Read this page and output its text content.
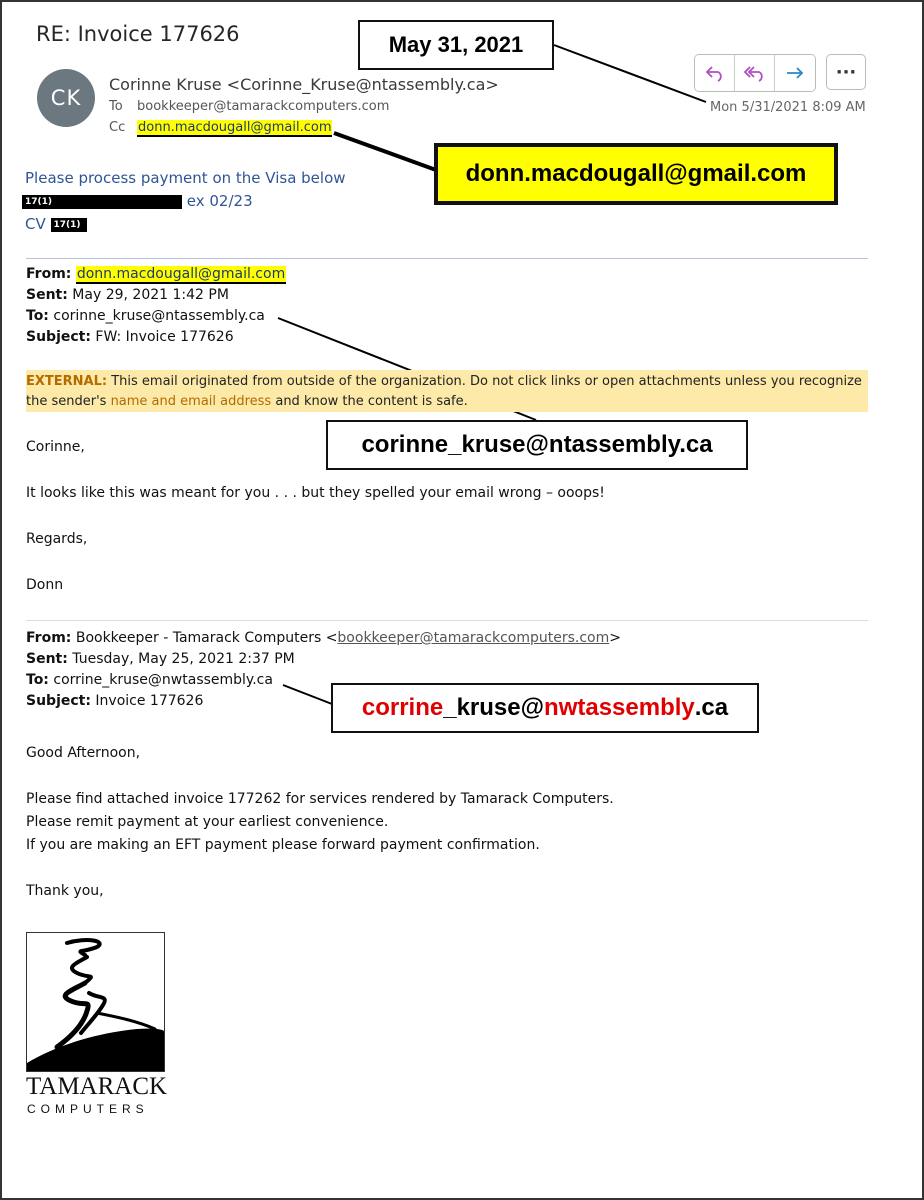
RE: Invoice 177626
CK
Corinne Kruse <Corinne_Kruse@ntassembly.ca>
To bookkeeper@tamarackcomputers.com
Cc donn.macdougall@gmail.com
···
Mon 5/31/2021 8:09 AM
Please process payment on the Visa below
17(1)	ex 02/23
CV 17(1)
From: donn.macdougall@gmail.com
Sent: May 29, 2021 1:42 PM
To: corinne_kruse@ntassembly.ca
Subject: FW: Invoice 177626
EXTERNAL: This email originated from outside of the organization. Do not click links or open attachments unless you recognize the sender's name and email address and know the content is safe.
Corinne,
It looks like this was meant for you . . . but they spelled your email wrong – ooops!
Regards,
Donn
From: Bookkeeper - Tamarack Computers <bookkeeper@tamarackcomputers.com>
Sent: Tuesday, May 25, 2021 2:37 PM
To: corrine_kruse@nwtassembly.ca
Subject: Invoice 177626
Good Afternoon,
Please find attached invoice 177262 for services rendered by Tamarack Computers.
Please remit payment at your earliest convenience.
If you are making an EFT payment please forward payment confirmation.
Thank you,
TAMARACK
COMPUTERS
May 31, 2021
donn.macdougall@gmail.com
corinne_kruse@ntassembly.ca
corrine _kruse@ nwtassembly .ca
